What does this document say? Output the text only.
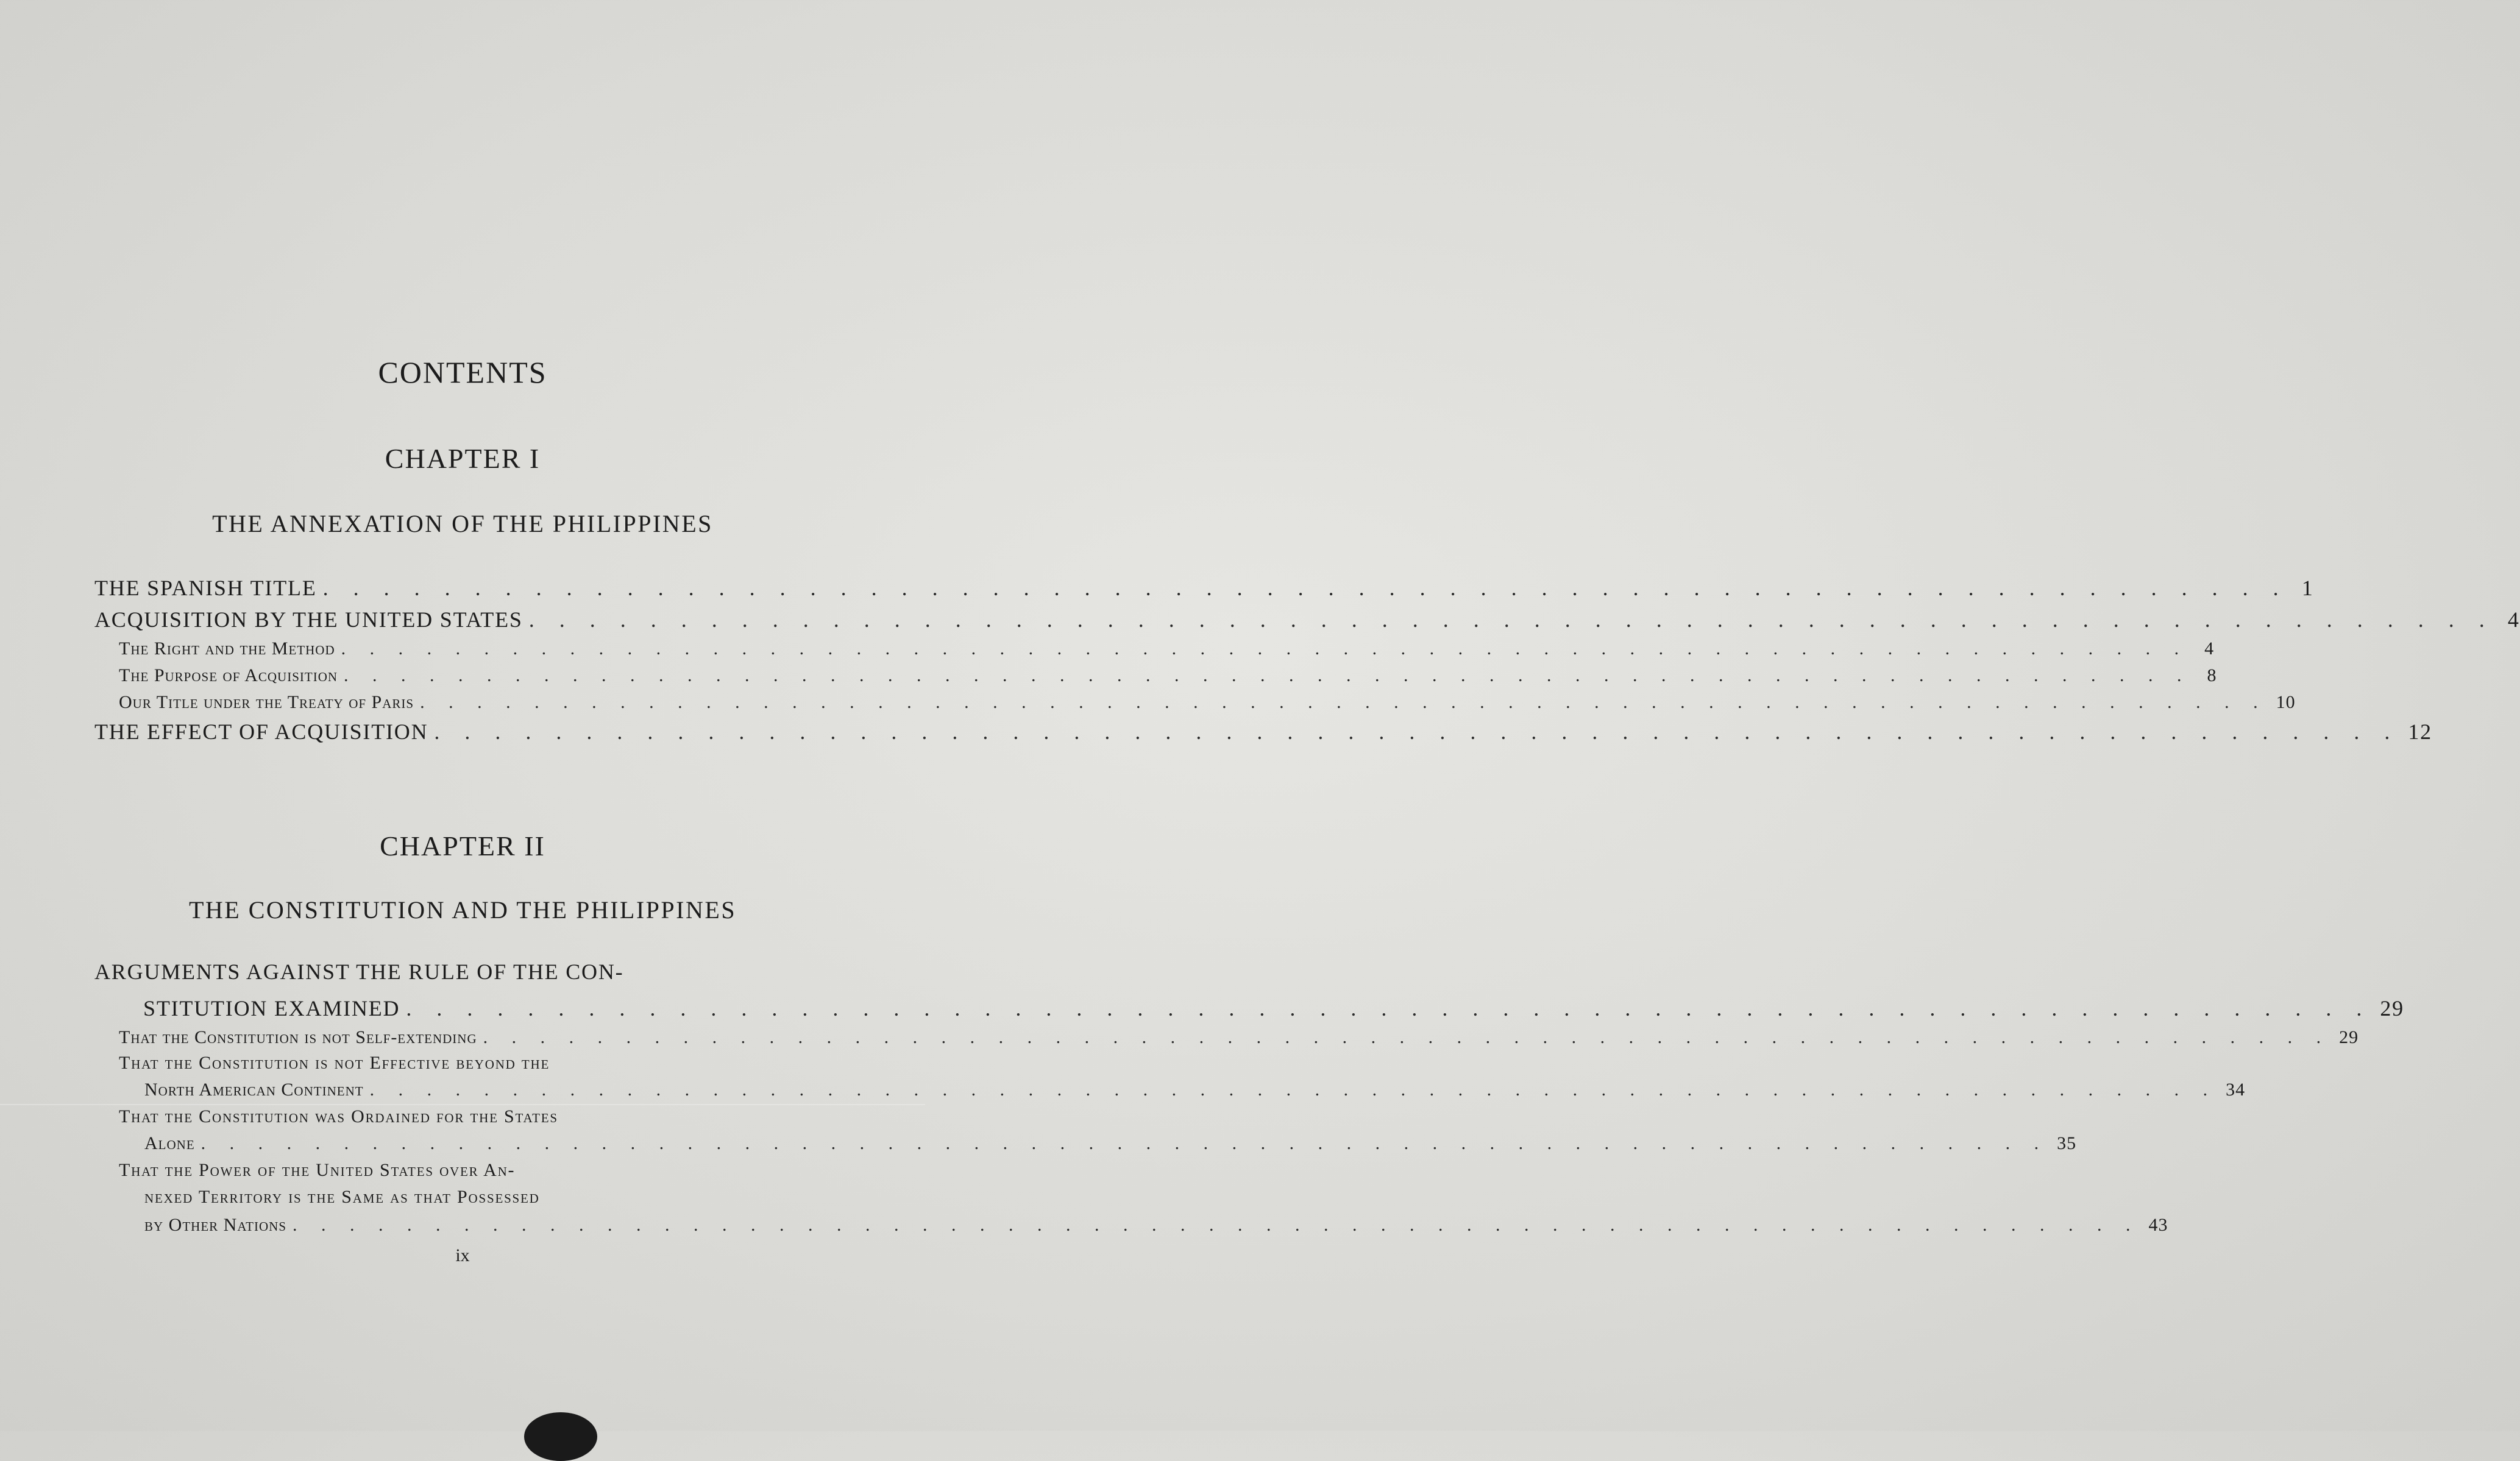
CONTENTS
CHAPTER I
THE ANNEXATION OF THE PHILIPPINES
THE SPANISH TITLE . . . . . . . . . . . . . . . . . . . . . . . . . . . . . . . . . . . . . . . . . . . . . . . . . . . . . . . . . . . . . . . . . 1
ACQUISITION BY THE UNITED STATES . . . . . . . . . . . . . . . . . . . . . . . . . . . . . . . . . . . . . . . . . . . . . . . . . . . . . . . . . . . . . . . . . 4
The Right and the Method . . . . . . . . . . . . . . . . . . . . . . . . . . . . . . . . . . . . . . . . . . . . . . . . . . . . . . . . . . . . . . . . . 4
The Purpose of Acquisition . . . . . . . . . . . . . . . . . . . . . . . . . . . . . . . . . . . . . . . . . . . . . . . . . . . . . . . . . . . . . . . . . 8
Our Title under the Treaty of Paris . . . . . . . . . . . . . . . . . . . . . . . . . . . . . . . . . . . . . . . . . . . . . . . . . . . . . . . . . . . . . . . . . 10
THE EFFECT OF ACQUISITION . . . . . . . . . . . . . . . . . . . . . . . . . . . . . . . . . . . . . . . . . . . . . . . . . . . . . . . . . . . . . . . . . 12
CHAPTER II
THE CONSTITUTION AND THE PHILIPPINES
ARGUMENTS AGAINST THE RULE OF THE CON-
STITUTION EXAMINED . . . . . . . . . . . . . . . . . . . . . . . . . . . . . . . . . . . . . . . . . . . . . . . . . . . . . . . . . . . . . . . . . 29
That the Constitution is not Self-extending . . . . . . . . . . . . . . . . . . . . . . . . . . . . . . . . . . . . . . . . . . . . . . . . . . . . . . . . . . . . . . . . . 29
That the Constitution is not Effective beyond the
North American Continent . . . . . . . . . . . . . . . . . . . . . . . . . . . . . . . . . . . . . . . . . . . . . . . . . . . . . . . . . . . . . . . . . 34
That the Constitution was Ordained for the States
Alone . . . . . . . . . . . . . . . . . . . . . . . . . . . . . . . . . . . . . . . . . . . . . . . . . . . . . . . . . . . . . . . . . 35
That the Power of the United States over An-
nexed Territory is the Same as that Possessed
by Other Nations . . . . . . . . . . . . . . . . . . . . . . . . . . . . . . . . . . . . . . . . . . . . . . . . . . . . . . . . . . . . . . . . . 43
ix
